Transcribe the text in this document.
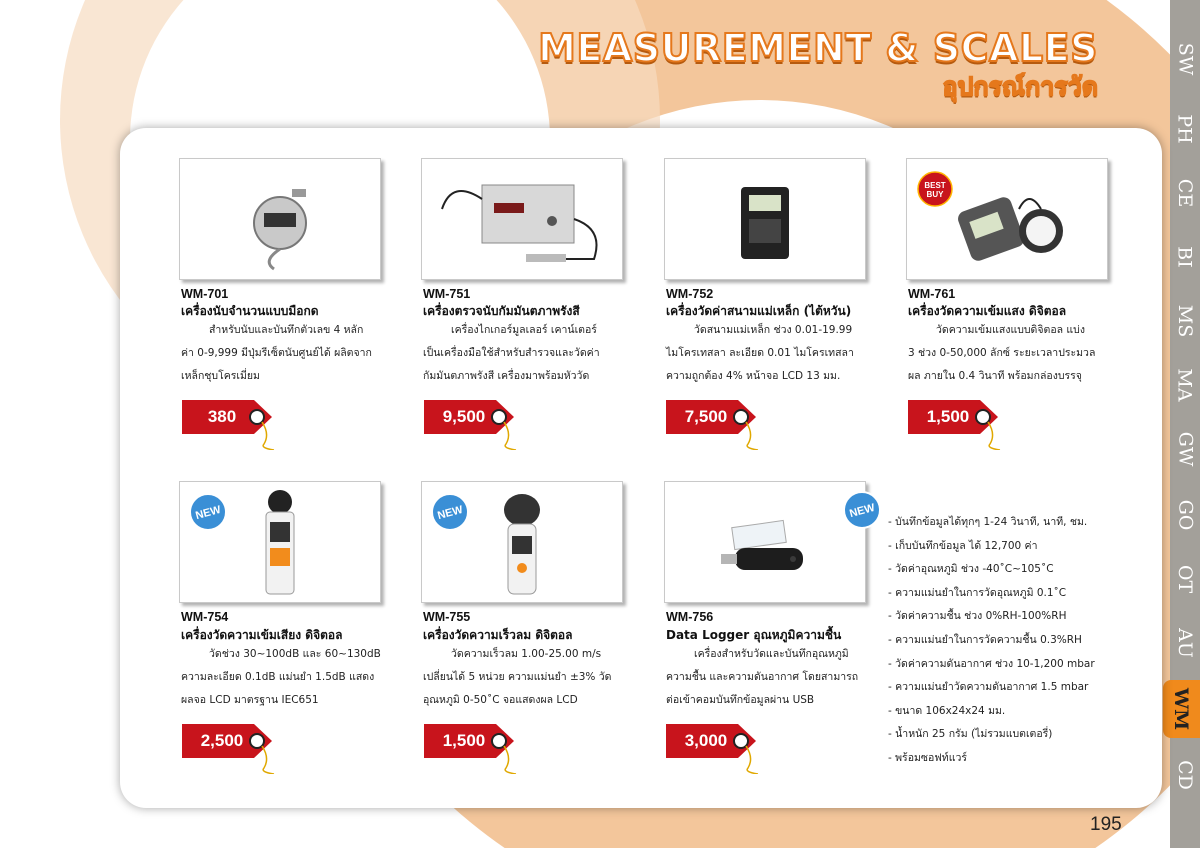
MEASUREMENT & SCALES
อุปกรณ์การวัด
SW
PH
CE
BI
MS
MA
GW
GO
OT
AU
WM
CD
WM-701
เครื่องนับจำนวนแบบมือกด
สำหรับนับและบันทึกตัวเลข 4 หลัก
ค่า 0-9,999 มีปุ่มรีเซ็ตนับศูนย์ได้ ผลิตจาก
เหล็กชุบโครเมี่ยม
WM-751
เครื่องตรวจนับกัมมันตภาพรังสี
เครื่องไกเกอร์มูลเลอร์ เคาน์เตอร์
เป็นเครื่องมือใช้สำหรับสำรวจและวัดค่า
กัมมันตภาพรังสี เครื่องมาพร้อมหัววัด
WM-752
เครื่องวัดค่าสนามแม่เหล็ก (ไต้หวัน)
วัดสนามแม่เหล็ก ช่วง 0.01-19.99
ไมโครเทสลา ละเอียด 0.01 ไมโครเทสลา
ความถูกต้อง 4% หน้าจอ LCD 13 มม.
BEST
BUY
WM-761
เครื่องวัดความเข้มแสง ดิจิตอล
วัดความเข้มแสงแบบดิจิตอล แบ่ง
3 ช่วง 0-50,000 ลักซ์ ระยะเวลาประมวล
ผล ภายใน 0.4 วินาที พร้อมกล่องบรรจุ
NEW
WM-754
เครื่องวัดความเข้มเสียง ดิจิตอล
วัดช่วง 30~100dB และ 60~130dB
ความละเอียด 0.1dB แม่นยำ 1.5dB แสดง
ผลจอ LCD มาตรฐาน IEC651
NEW
WM-755
เครื่องวัดความเร็วลม ดิจิตอล
วัดความเร็วลม 1.00-25.00 m/s
เปลี่ยนได้ 5 หน่วย ความแม่นยำ ±3% วัด
อุณหภูมิ 0-50˚C จอแสดงผล LCD
NEW
WM-756
Data Logger อุณหภูมิความชื้น
เครื่องสำหรับวัดและบันทึกอุณหภูมิ
ความชื้น และความดันอากาศ โดยสามารถ
ต่อเข้าคอมบันทึกข้อมูลผ่าน USB
- บันทึกข้อมูลได้ทุกๆ 1-24 วินาที, นาที, ชม.
- เก็บบันทึกข้อมูล ได้ 12,700 ค่า
- วัดค่าอุณหภูมิ ช่วง -40˚C~105˚C
- ความแม่นยำในการวัดอุณหภูมิ 0.1˚C
- วัดค่าความชื้น ช่วง 0%RH-100%RH
- ความแม่นยำในการวัดความชื้น 0.3%RH
- วัดค่าความดันอากาศ ช่วง 10-1,200 mbar
- ความแม่นยำวัดความดันอากาศ 1.5 mbar
- ขนาด 106x24x24 มม.
- น้ำหนัก 25 กรัม (ไม่รวมแบตเตอรี่)
- พร้อมซอฟท์แวร์
380	9,500	7,500	1,500
2,500	1,500	3,000
195
